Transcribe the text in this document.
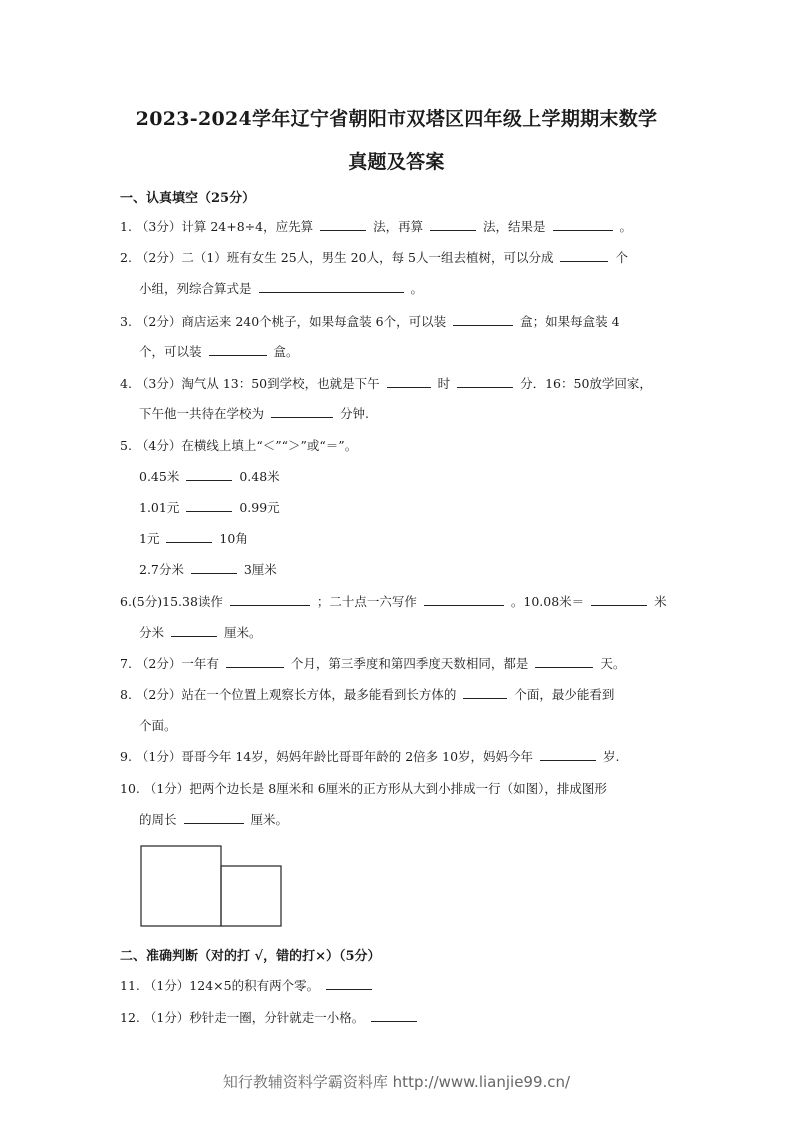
2023-2024学年辽宁省朝阳市双塔区四年级上学期期末数学
真题及答案
一、认真填空（25分）
1. （3分）计算 24+8÷4，应先算	法，再算	法，结果是	。
2. （2分）二（1）班有女生 25人，男生 20人，每 5人一组去植树，可以分成	个
小组，列综合算式是	。
3. （2分）商店运来 240个桃子，如果每盒装 6个，可以装	盒；如果每盒装 4
个，可以装	盒。
4. （3分）淘气从 13：50到学校，也就是下午	时	分．16：50放学回家，
下午他一共待在学校为	分钟.
5. （4分）在横线上填上“＜”“＞”或“＝”。
0.45米	0.48米
1.01元	0.99元
1元	10角
2.7分米	3厘米
6.(5分)15.38读作	；二十点一六写作	。10.08米＝	米
分米	厘米。
7. （2分）一年有	个月，第三季度和第四季度天数相同，都是	天。
8. （2分）站在一个位置上观察长方体，最多能看到长方体的	个面，最少能看到
个面。
9. （1分）哥哥今年 14岁，妈妈年龄比哥哥年龄的 2倍多 10岁，妈妈今年	岁.
10. （1分）把两个边长是 8厘米和 6厘米的正方形从大到小排成一行（如图），排成图形
的周长	厘米。
二、准确判断（对的打 √，错的打×）（5分）
11. （1分）124×5的积有两个零。
12. （1分）秒针走一圈，分针就走一小格。
知行教辅资料学霸资料库 http://www.lianjie99.cn/
